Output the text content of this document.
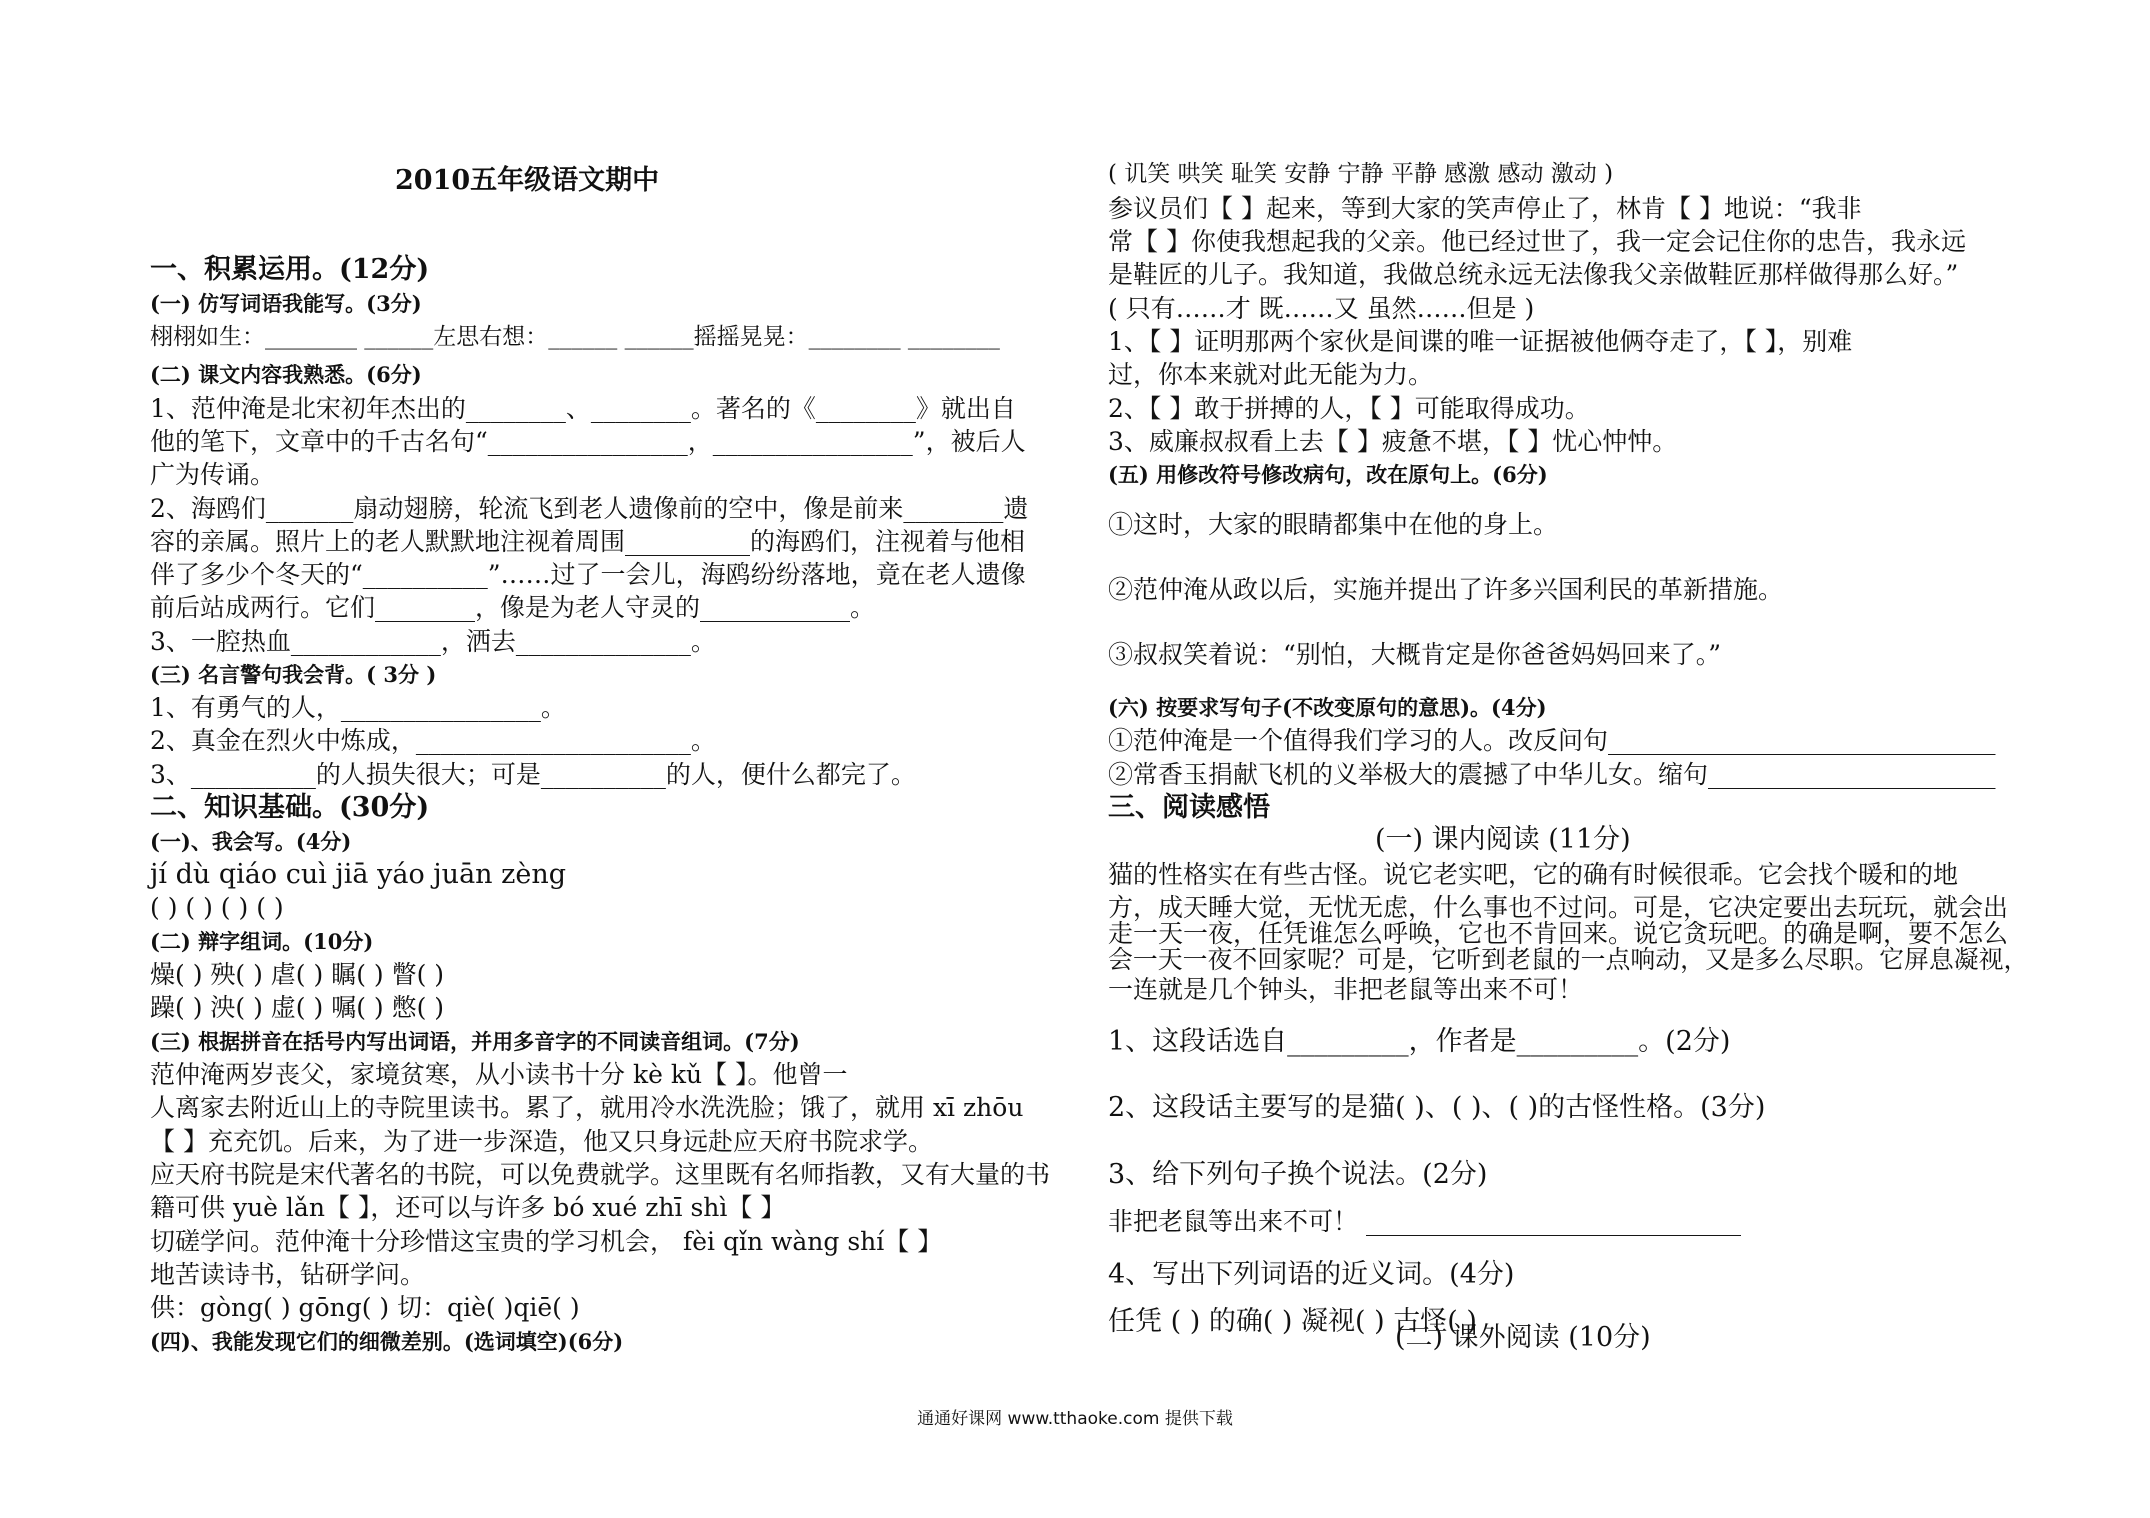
2010五年级语文期中
一、积累运用。(12分)
(一) 仿写词语我能写。(3分)
栩栩如生：________ ______左思右想：______ ______摇摇晃晃：________ ________
(二) 课文内容我熟悉。(6分)
1、范仲淹是北宋初年杰出的________、________。著名的《________》就出自
他的笔下，文章中的千古名句“________________，________________”，被后人
广为传诵。
2、海鸥们_______扇动翅膀，轮流飞到老人遗像前的空中，像是前来________遗
容的亲属。照片上的老人默默地注视着周围__________的海鸥们，注视着与他相
伴了多少个冬天的“__________”……过了一会儿，海鸥纷纷落地，竟在老人遗像
前后站成两行。它们________，像是为老人守灵的____________。
3、一腔热血____________，洒去______________。
(三) 名言警句我会背。( 3分 )
1、有勇气的人，________________。
2、真金在烈火中炼成，______________________。
3、__________的人损失很大；可是__________的人，便什么都完了。
二、知识基础。(30分)
(一)、我会写。(4分)
jí dù qiáo cuì jiā yáo juān zèng
( ) ( ) ( ) ( )
(二) 辩字组词。(10分)
燥( ) 殃( ) 虐( ) 瞩( ) 瞥( )
躁( ) 泱( ) 虚( ) 嘱( ) 憋( )
(三) 根据拼音在括号内写出词语，并用多音字的不同读音组词。(7分)
范仲淹两岁丧父，家境贫寒，从小读书十分 kè kǔ【 】。他曾一
人离家去附近山上的寺院里读书。累了，就用冷水洗洗脸；饿了，就用 xī zhōu
【 】充充饥。后来，为了进一步深造，他又只身远赴应天府书院求学。
应天府书院是宋代著名的书院，可以免费就学。这里既有名师指教，又有大量的书
籍可供 yuè lǎn【 】，还可以与许多 bó xué zhī shì【 】
切磋学问。范仲淹十分珍惜这宝贵的学习机会， fèi qǐn wàng shí【 】
地苦读诗书，钻研学问。
供：gòng( ) gōng( ) 切：qiè( )qiē( )
(四)、我能发现它们的细微差别。(选词填空)(6分)
( 讥笑 哄笑 耻笑 安静 宁静 平静 感激 感动 激动 )
参议员们【 】起来，等到大家的笑声停止了，林肯【 】地说：“我非
常【 】你使我想起我的父亲。他已经过世了，我一定会记住你的忠告，我永远
是鞋匠的儿子。我知道，我做总统永远无法像我父亲做鞋匠那样做得那么好。”
( 只有……才 既……又 虽然……但是 )
1、【 】证明那两个家伙是间谍的唯一证据被他俩夺走了，【 】，别难
过，你本来就对此无能为力。
2、【 】敢于拼搏的人，【 】可能取得成功。
3、威廉叔叔看上去【 】疲惫不堪，【 】忧心忡忡。
(五) 用修改符号修改病句，改在原句上。(6分)
①这时，大家的眼睛都集中在他的身上。
②范仲淹从政以后，实施并提出了许多兴国利民的革新措施。
③叔叔笑着说：“别怕，大概肯定是你爸爸妈妈回来了。”
(六) 按要求写句子(不改变原句的意思)。(4分)
①范仲淹是一个值得我们学习的人。改反问句_______________________________
②常香玉捐献飞机的义举极大的震撼了中华儿女。缩句_______________________
三、阅读感悟
猫的性格实在有些古怪。说它老实吧，它的确有时候很乖。它会找个暖和的地
方，成天睡大觉，无忧无虑，什么事也不过问。可是，它决定要出去玩玩，就会出
走一天一夜，任凭谁怎么呼唤，它也不肯回来。说它贪玩吧。的确是啊，要不怎么
会一天一夜不回家呢？可是，它听到老鼠的一点响动，又是多么尽职。它屏息凝视，
一连就是几个钟头，非把老鼠等出来不可！
1、这段话选自_________，作者是_________。(2分)
2、这段话主要写的是猫( )、( )、( )的古怪性格。(3分)
3、给下列句子换个说法。(2分)
非把老鼠等出来不可！ ______________________________
4、写出下列词语的近义词。(4分)
任凭 ( ) 的确( ) 凝视( ) 古怪( )
(一) 课内阅读 (11分)
(二) 课外阅读 (10分)
通通好课网 www.tthaoke.com 提供下载
